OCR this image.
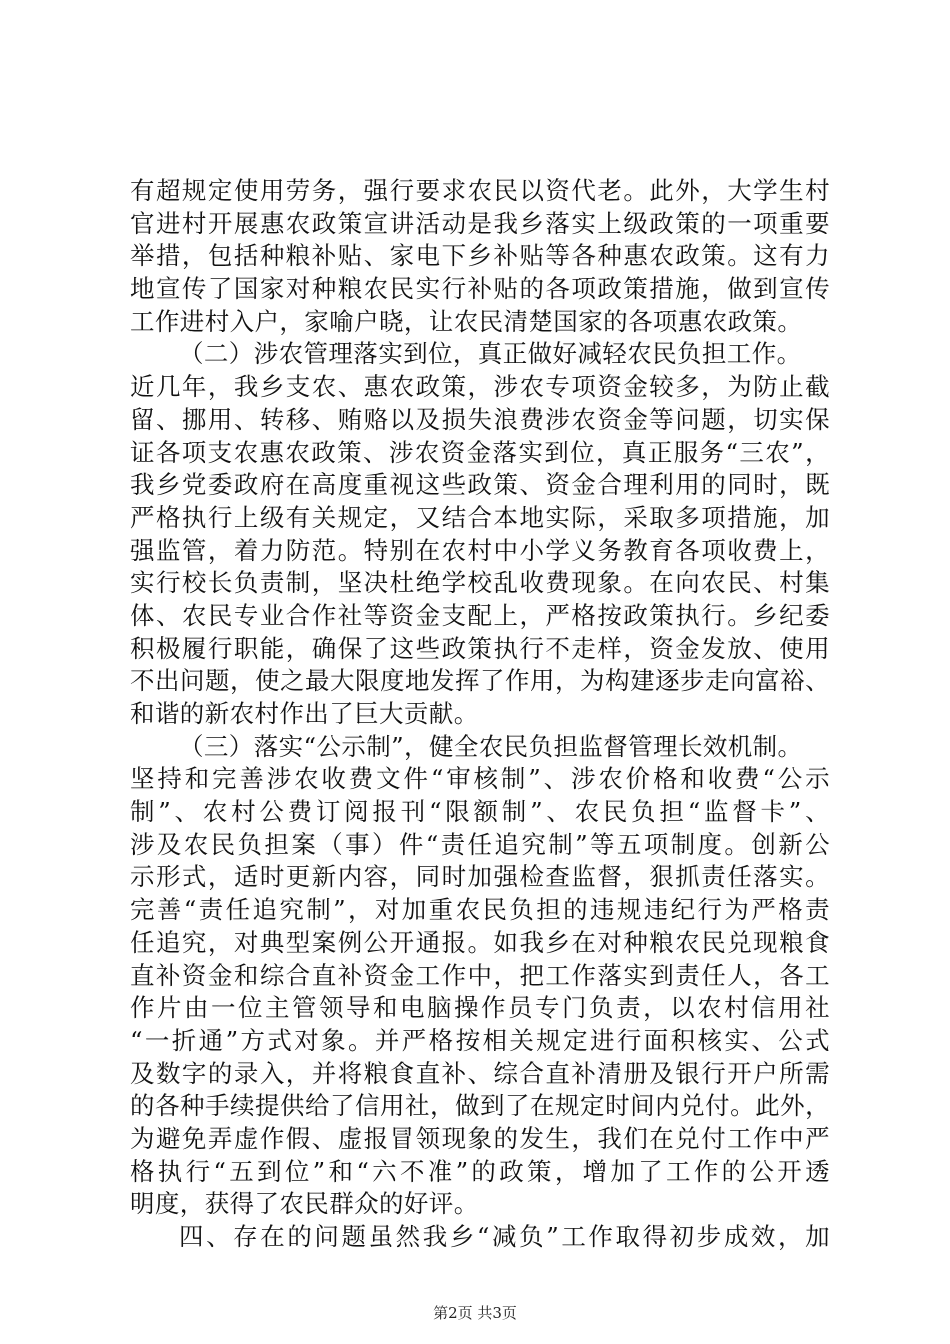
有超规定使用劳务，强行要求农民以资代老。此外，大学生村
官进村开展惠农政策宣讲活动是我乡落实上级政策的一项重要
举措，包括种粮补贴、家电下乡补贴等各种惠农政策。这有力
地宣传了国家对种粮农民实行补贴的各项政策措施，做到宣传
工作进村入户，家喻户晓，让农民清楚国家的各项惠农政策。
（二）涉农管理落实到位，真正做好减轻农民负担工作。
近几年，我乡支农、惠农政策，涉农专项资金较多，为防止截
留、挪用、转移、贿赂以及损失浪费涉农资金等问题，切实保
证各项支农惠农政策、涉农资金落实到位，真正服务“三农”，
我乡党委政府在高度重视这些政策、资金合理利用的同时，既
严格执行上级有关规定，又结合本地实际，采取多项措施，加
强监管，着力防范。特别在农村中小学义务教育各项收费上，
实行校长负责制，坚决杜绝学校乱收费现象。在向农民、村集
体、农民专业合作社等资金支配上，严格按政策执行。乡纪委
积极履行职能，确保了这些政策执行不走样，资金发放、使用
不出问题，使之最大限度地发挥了作用，为构建逐步走向富裕、
和谐的新农村作出了巨大贡献。
（三）落实“公示制”，健全农民负担监督管理长效机制。
坚持和完善涉农收费文件“审核制”、涉农价格和收费“公示
制”、农村公费订阅报刊“限额制”、农民负担“监督卡”、
涉及农民负担案（事）件“责任追究制”等五项制度。创新公
示形式，适时更新内容，同时加强检查监督，狠抓责任落实。
完善“责任追究制”，对加重农民负担的违规违纪行为严格责
任追究，对典型案例公开通报。如我乡在对种粮农民兑现粮食
直补资金和综合直补资金工作中，把工作落实到责任人，各工
作片由一位主管领导和电脑操作员专门负责，以农村信用社
“一折通”方式对象。并严格按相关规定进行面积核实、公式
及数字的录入，并将粮食直补、综合直补清册及银行开户所需
的各种手续提供给了信用社，做到了在规定时间内兑付。此外，
为避免弄虚作假、虚报冒领现象的发生，我们在兑付工作中严
格执行“五到位”和“六不准”的政策，增加了工作的公开透
明度，获得了农民群众的好评。
四、存在的问题虽然我乡“减负”工作取得初步成效，加
第2页 共3页
